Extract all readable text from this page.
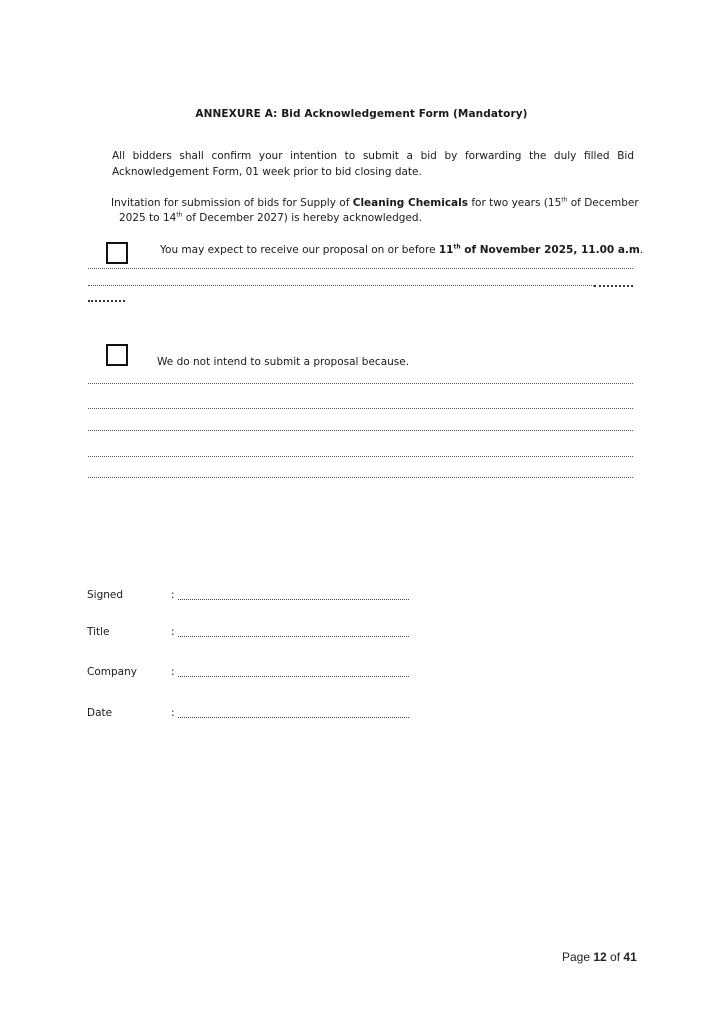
ANNEXURE A: Bid Acknowledgement Form (Mandatory)
All bidders shall confirm your intention to submit a bid by forwarding the duly filled Bid Acknowledgement Form, 01 week prior to bid closing date.
Invitation for submission of bids for Supply of Cleaning Chemicals for two years (15th of December
2025 to 14th of December 2027) is hereby acknowledged.
You may expect to receive our proposal on or before 11th of November 2025, 11.00 a.m.
We do not intend to submit a proposal because.
Signed	:
Title	:
Company	:
Date	:
Page 12 of 41
